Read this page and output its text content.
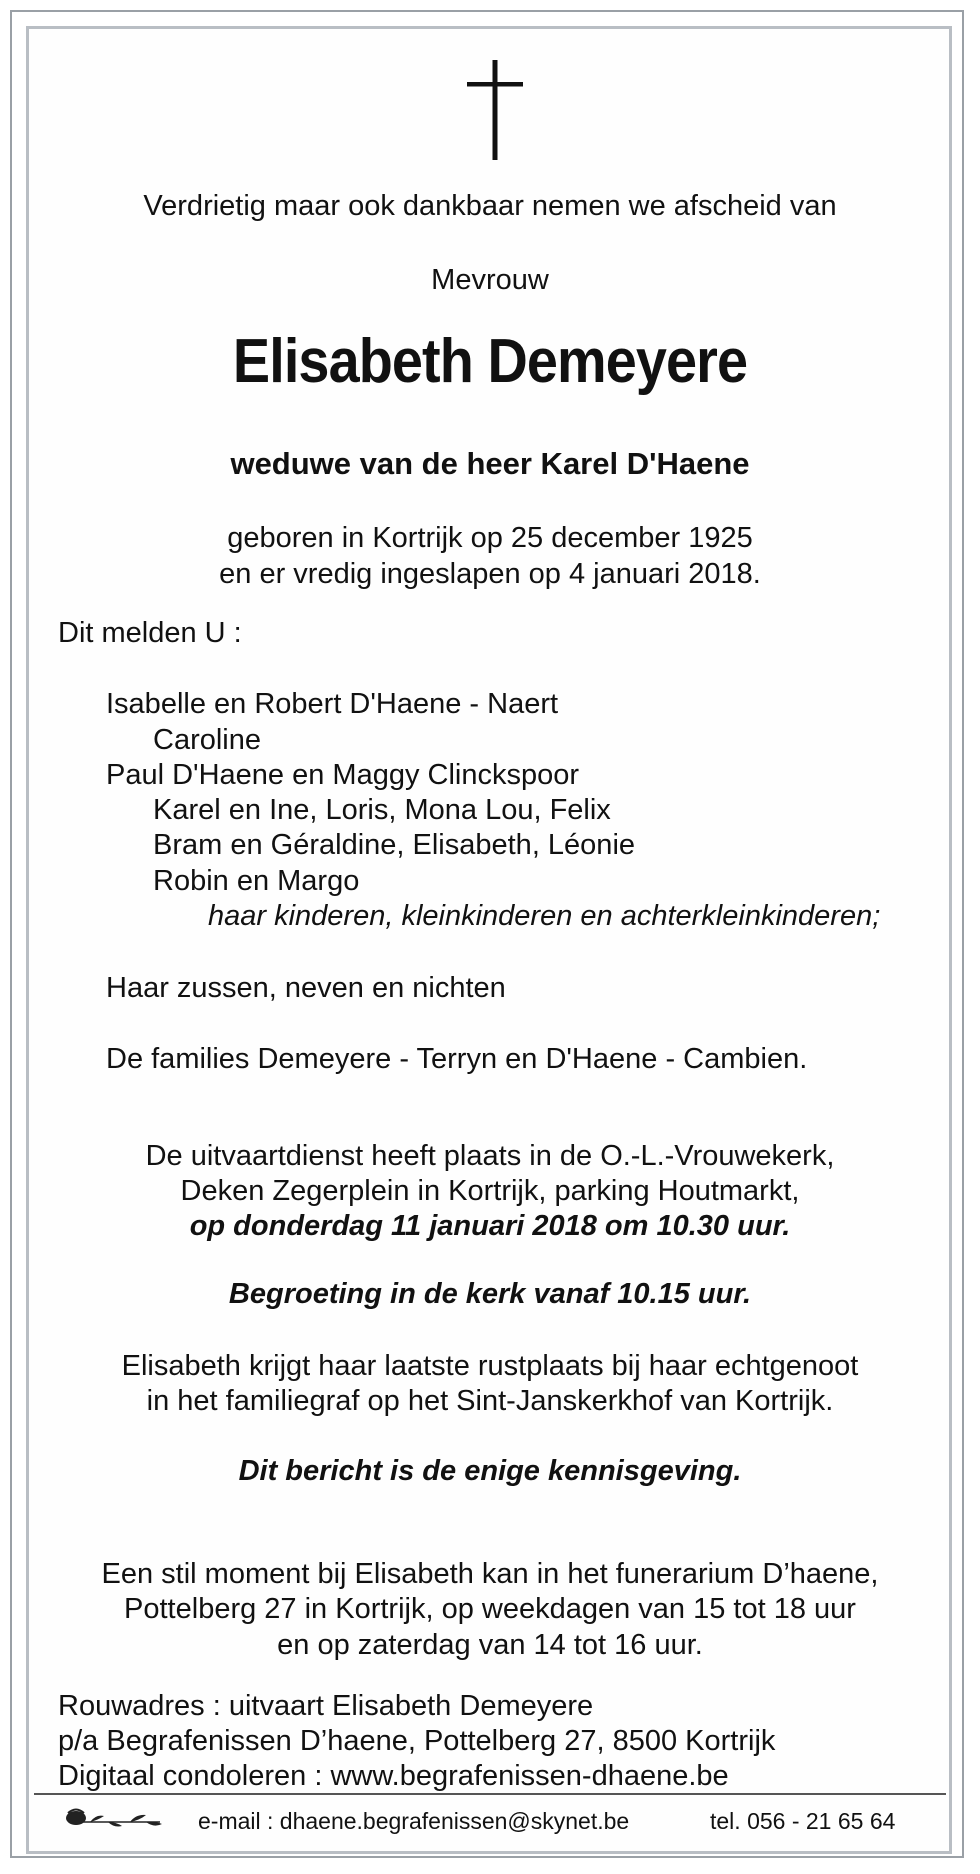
Verdrietig maar ook dankbaar nemen we afscheid van
Mevrouw
Elisabeth Demeyere
weduwe van de heer Karel D'Haene
geboren in Kortrijk op 25 december 1925
en er vredig ingeslapen op 4 januari 2018.
Dit melden U :
Isabelle en Robert D'Haene - Naert
Caroline
Paul D'Haene en Maggy Clinckspoor
Karel en Ine, Loris, Mona Lou, Felix
Bram en Géraldine, Elisabeth, Léonie
Robin en Margo
haar kinderen, kleinkinderen en achterkleinkinderen;
Haar zussen, neven en nichten
De families Demeyere - Terryn en D'Haene - Cambien.
De uitvaartdienst heeft plaats in de O.-L.-Vrouwekerk,
Deken Zegerplein in Kortrijk, parking Houtmarkt,
op donderdag 11 januari 2018 om 10.30 uur.
Begroeting in de kerk vanaf 10.15 uur.
Elisabeth krijgt haar laatste rustplaats bij haar echtgenoot
in het familiegraf op het Sint-Janskerkhof van Kortrijk.
Dit bericht is de enige kennisgeving.
Een stil moment bij Elisabeth kan in het funerarium D’haene,
Pottelberg 27 in Kortrijk, op weekdagen van 15 tot 18 uur
en op zaterdag van 14 tot 16 uur.
Rouwadres : uitvaart Elisabeth Demeyere
p/a Begrafenissen D’haene, Pottelberg 27, 8500 Kortrijk
Digitaal condoleren : www.begrafenissen-dhaene.be
e-mail : dhaene.begrafenissen@skynet.be	tel. 056 - 21 65 64
